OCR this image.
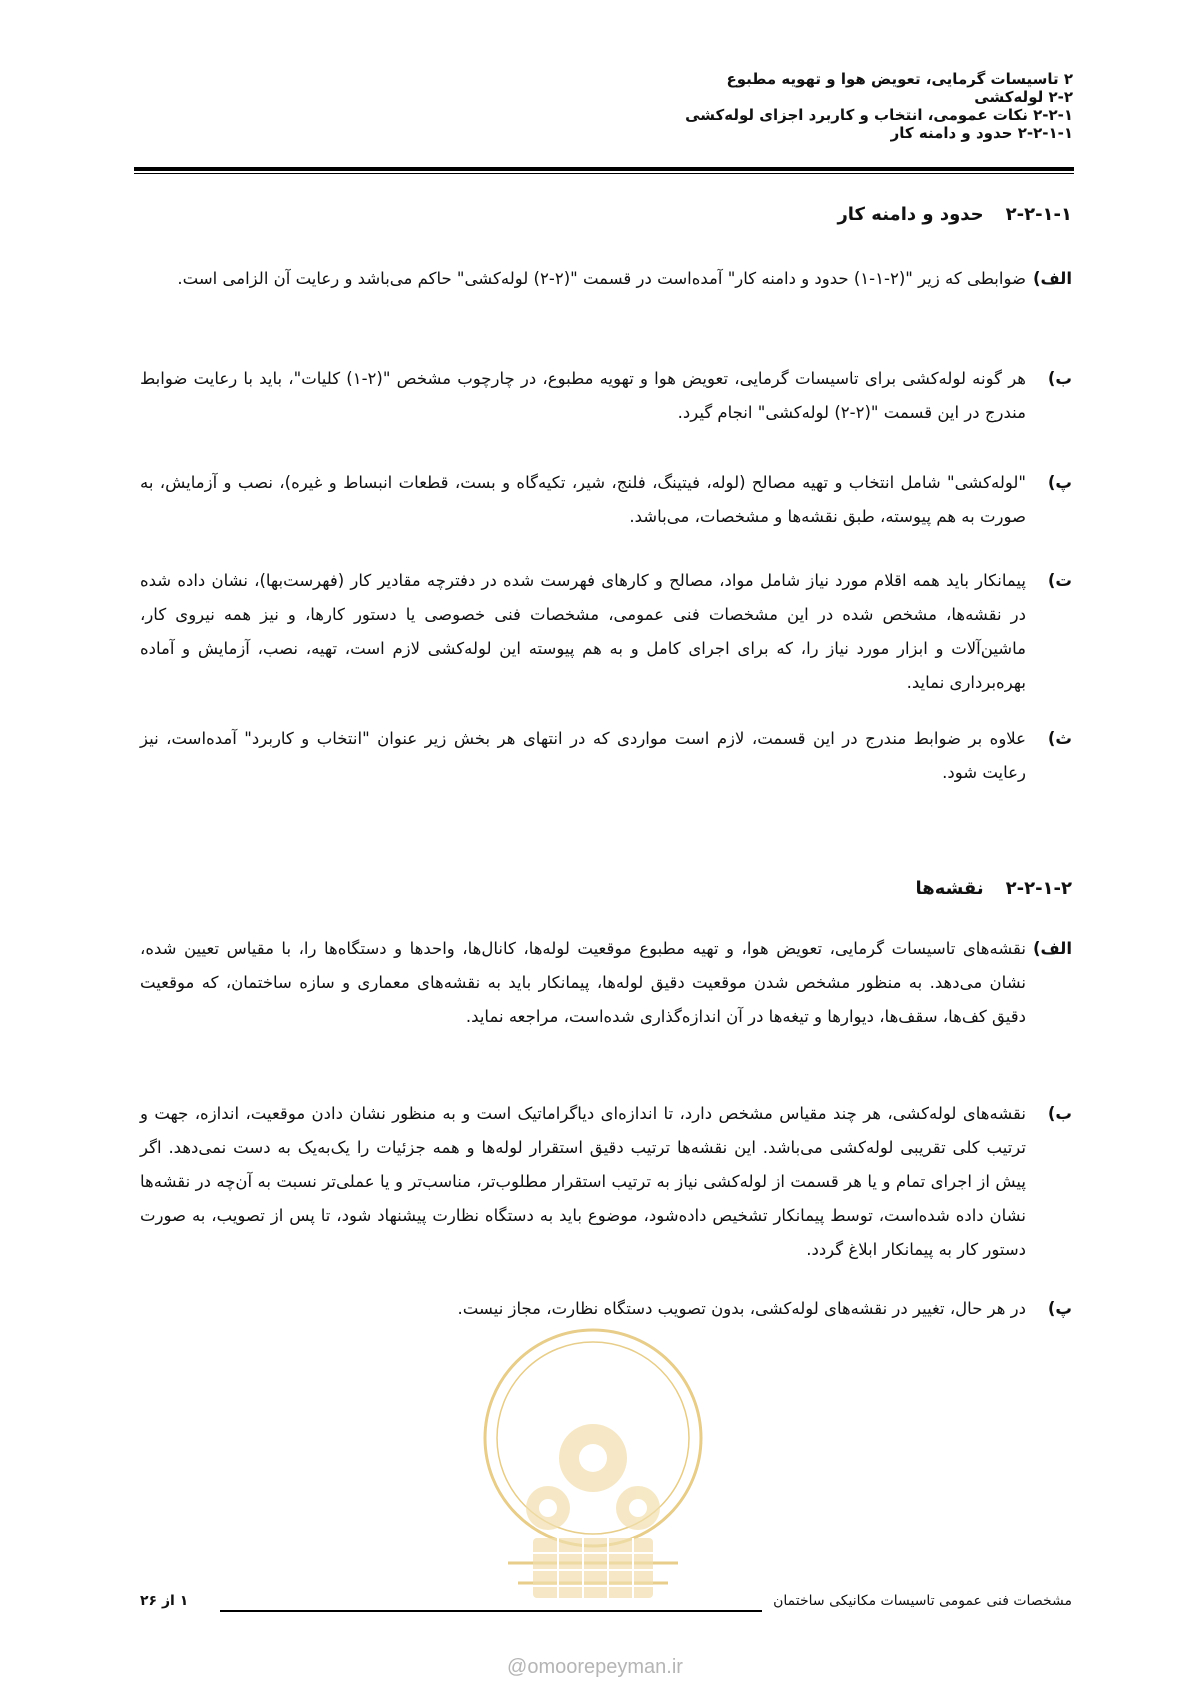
۲ تاسیسات گرمایی، تعویض هوا و تهویه مطبوع
۲-۲ لوله‌کشی
۲-۲-۱ نکات عمومی، انتخاب و کاربرد اجزای لوله‌کشی
۲-۲-۱-۱ حدود و دامنه کار
۲-۲-۱-۱حدود و دامنه کار
الف)
ضوابطی که زیر "(۲-۱-۱) حدود و دامنه کار" آمده‌است در قسمت "(۲-۲) لوله‌کشی" حاکم می‌باشد و رعایت آن الزامی است.
ب)
هر گونه لوله‌کشی برای تاسیسات گرمایی، تعویض هوا و تهویه مطبوع، در چارچوب مشخص "(۲-۱) کلیات"، باید با رعایت ضوابط مندرج در این قسمت "(۲-۲) لوله‌کشی" انجام گیرد.
پ)
"لوله‌کشی" شامل انتخاب و تهیه مصالح (لوله، فیتینگ، فلنج، شیر، تکیه‌گاه و بست، قطعات انبساط و غیره)، نصب و آزمایش، به صورت به هم پیوسته، طبق نقشه‌ها و مشخصات، می‌باشد.
ت)
پیمانکار باید همه اقلام مورد نیاز شامل مواد، مصالح و کارهای فهرست شده در دفترچه مقادیر کار (فهرست‌بها)، نشان داده شده در نقشه‌ها، مشخص شده در این مشخصات فنی عمومی، مشخصات فنی خصوصی یا دستور کارها، و نیز همه نیروی کار، ماشین‌آلات و ابزار مورد نیاز را، که برای اجرای کامل و به هم پیوسته این لوله‌کشی لازم است، تهیه، نصب، آزمایش و آماده بهره‌برداری نماید.
ث)
علاوه بر ضوابط مندرج در این قسمت، لازم است مواردی که در انتهای هر بخش زیر عنوان "انتخاب و کاربرد" آمده‌است، نیز رعایت شود.
۲-۲-۱-۲نقشه‌ها
الف)
نقشه‌های تاسیسات گرمایی، تعویض هوا، و تهیه مطبوع موقعیت لوله‌ها، کانال‌ها، واحدها و دستگاه‌ها را، با مقیاس تعیین شده، نشان می‌دهد. به منظور مشخص شدن موقعیت دقیق لوله‌ها، پیمانکار باید به نقشه‌های معماری و سازه ساختمان، که موقعیت دقیق کف‌ها، سقف‌ها، دیوارها و تیغه‌ها در آن اندازه‌گذاری شده‌است، مراجعه نماید.
ب)
نقشه‌های لوله‌کشی، هر چند مقیاس مشخص دارد، تا اندازه‌ای دیاگراماتیک است و به منظور نشان دادن موقعیت، اندازه، جهت و ترتیب کلی تقریبی لوله‌کشی می‌باشد. این نقشه‌ها ترتیب دقیق استقرار لوله‌ها و همه جزئیات را یک‌به‌یک به دست نمی‌دهد. اگر پیش از اجرای تمام و یا هر قسمت از لوله‌کشی نیاز به ترتیب استقرار مطلوب‌تر، مناسب‌تر و یا عملی‌تر نسبت به آن‌چه در نقشه‌ها نشان داده شده‌است، توسط پیمانکار تشخیص داده‌شود، موضوع باید به دستگاه نظارت پیشنهاد شود، تا پس از تصویب، به صورت دستور کار به پیمانکار ابلاغ گردد.
پ)
در هر حال، تغییر در نقشه‌های لوله‌کشی، بدون تصویب دستگاه نظارت، مجاز نیست.
مشخصات فنی عمومی تاسیسات مکانیکی ساختمان
۱ از ۲۶
@omoorepeyman.ir
